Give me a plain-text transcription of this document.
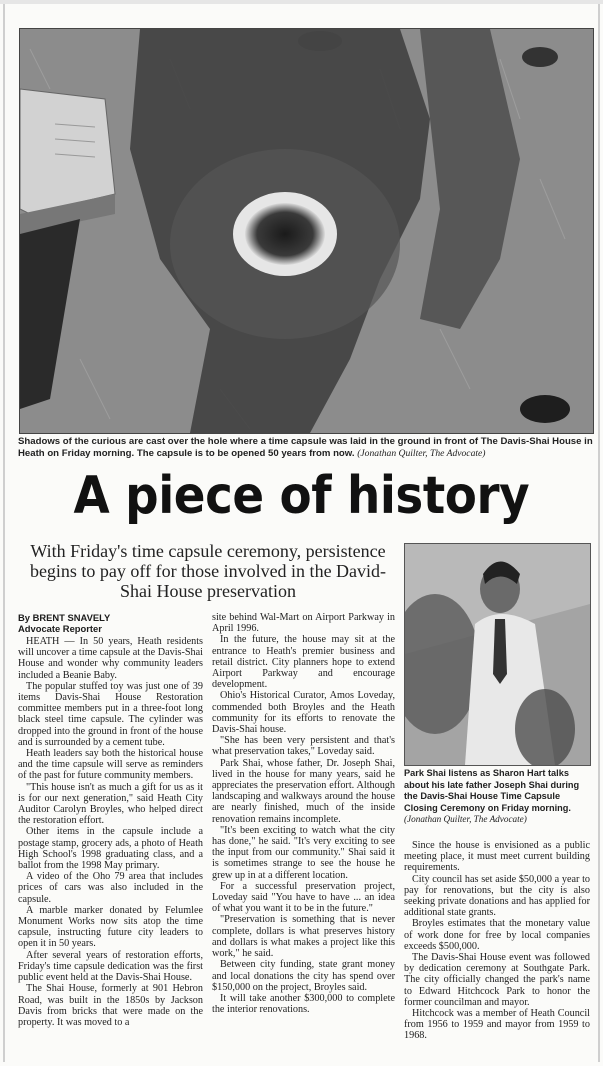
Shadows of the curious are cast over the hole where a time capsule was laid in the ground in front of The Davis-Shai House in Heath on Friday morning. The capsule is to be opened 50 years from now. (Jonathan Quilter, The Advocate)
A piece of history
With Friday's time capsule ceremony, persistence begins to pay off for those involved in the David-Shai House preservation
Park Shai listens as Sharon Hart talks about his late father Joseph Shai during the Davis-Shai House Time Capsule Closing Ceremony on Friday morning. (Jonathan Quilter, The Advocate)
By BRENT SNAVELY
Advocate Reporter

HEATH — In 50 years, Heath residents will uncover a time capsule at the Davis-Shai House and wonder why community leaders included a Beanie Baby.

The popular stuffed toy was just one of 39 items Davis-Shai House Restoration committee members put in a three-foot long black steel time capsule. The cylinder was dropped into the ground in front of the house and is surrounded by a cement tube.

Heath leaders say both the historical house and the time capsule will serve as reminders of the past for future community members.

"This house isn't as much a gift for us as it is for our next generation," said Heath City Auditor Carolyn Broyles, who helped direct the restoration effort.

Other items in the capsule include a postage stamp, grocery ads, a photo of Heath High School's 1998 graduating class, and a ballot from the 1998 May primary.

A video of the Oho 79 area that includes prices of cars was also included in the capsule.

A marble marker donated by Felumlee Monument Works now sits atop the time capsule, instructing future city leaders to open it in 50 years.

After several years of restoration efforts, Friday's time capsule dedication was the first public event held at the Davis-Shai House.

The Shai House, formerly at 901 Hebron Road, was built in the 1850s by Jackson Davis from bricks that were made on the property. It was moved to a

site behind Wal-Mart on Airport Parkway in April 1996.

In the future, the house may sit at the entrance to Heath's premier business and retail district. City planners hope to extend Airport Parkway and encourage development.

Ohio's Historical Curator, Amos Loveday, commended both Broyles and the Heath community for its efforts to renovate the Davis-Shai house.

"She has been very persistent and that's what preservation takes," Loveday said.

Park Shai, whose father, Dr. Joseph Shai, lived in the house for many years, said he appreciates the preservation effort. Although landscaping and walkways around the house are nearly finished, much of the inside renovation remains incomplete.

"It's been exciting to watch what the city has done," he said. "It's very exciting to see the input from our community." Shai said it is sometimes strange to see the house he grew up in at a different location.

For a successful preservation project, Loveday said "You have to have ... an idea of what you want it to be in the future."

"Preservation is something that is never complete, dollars is what preserves history and dollars is what makes a project like this work," he said.

Between city funding, state grant money and local donations the city has spend over $150,000 on the project, Broyles said.

It will take another $300,000 to complete the interior renovations.

Since the house is envisioned as a public meeting place, it must meet current building requirements.

City council has set aside $50,000 a year to pay for renovations, but the city is also seeking private donations and has applied for additional state grants.

Broyles estimates that the monetary value of work done for free by local companies exceeds $500,000.

The Davis-Shai House event was followed by dedication ceremony at Southgate Park. The city officially changed the park's name to Edward Hitchcock Park to honor the former councilman and mayor.

Hitchcock was a member of Heath Council from 1956 to 1959 and mayor from 1959 to 1968.
